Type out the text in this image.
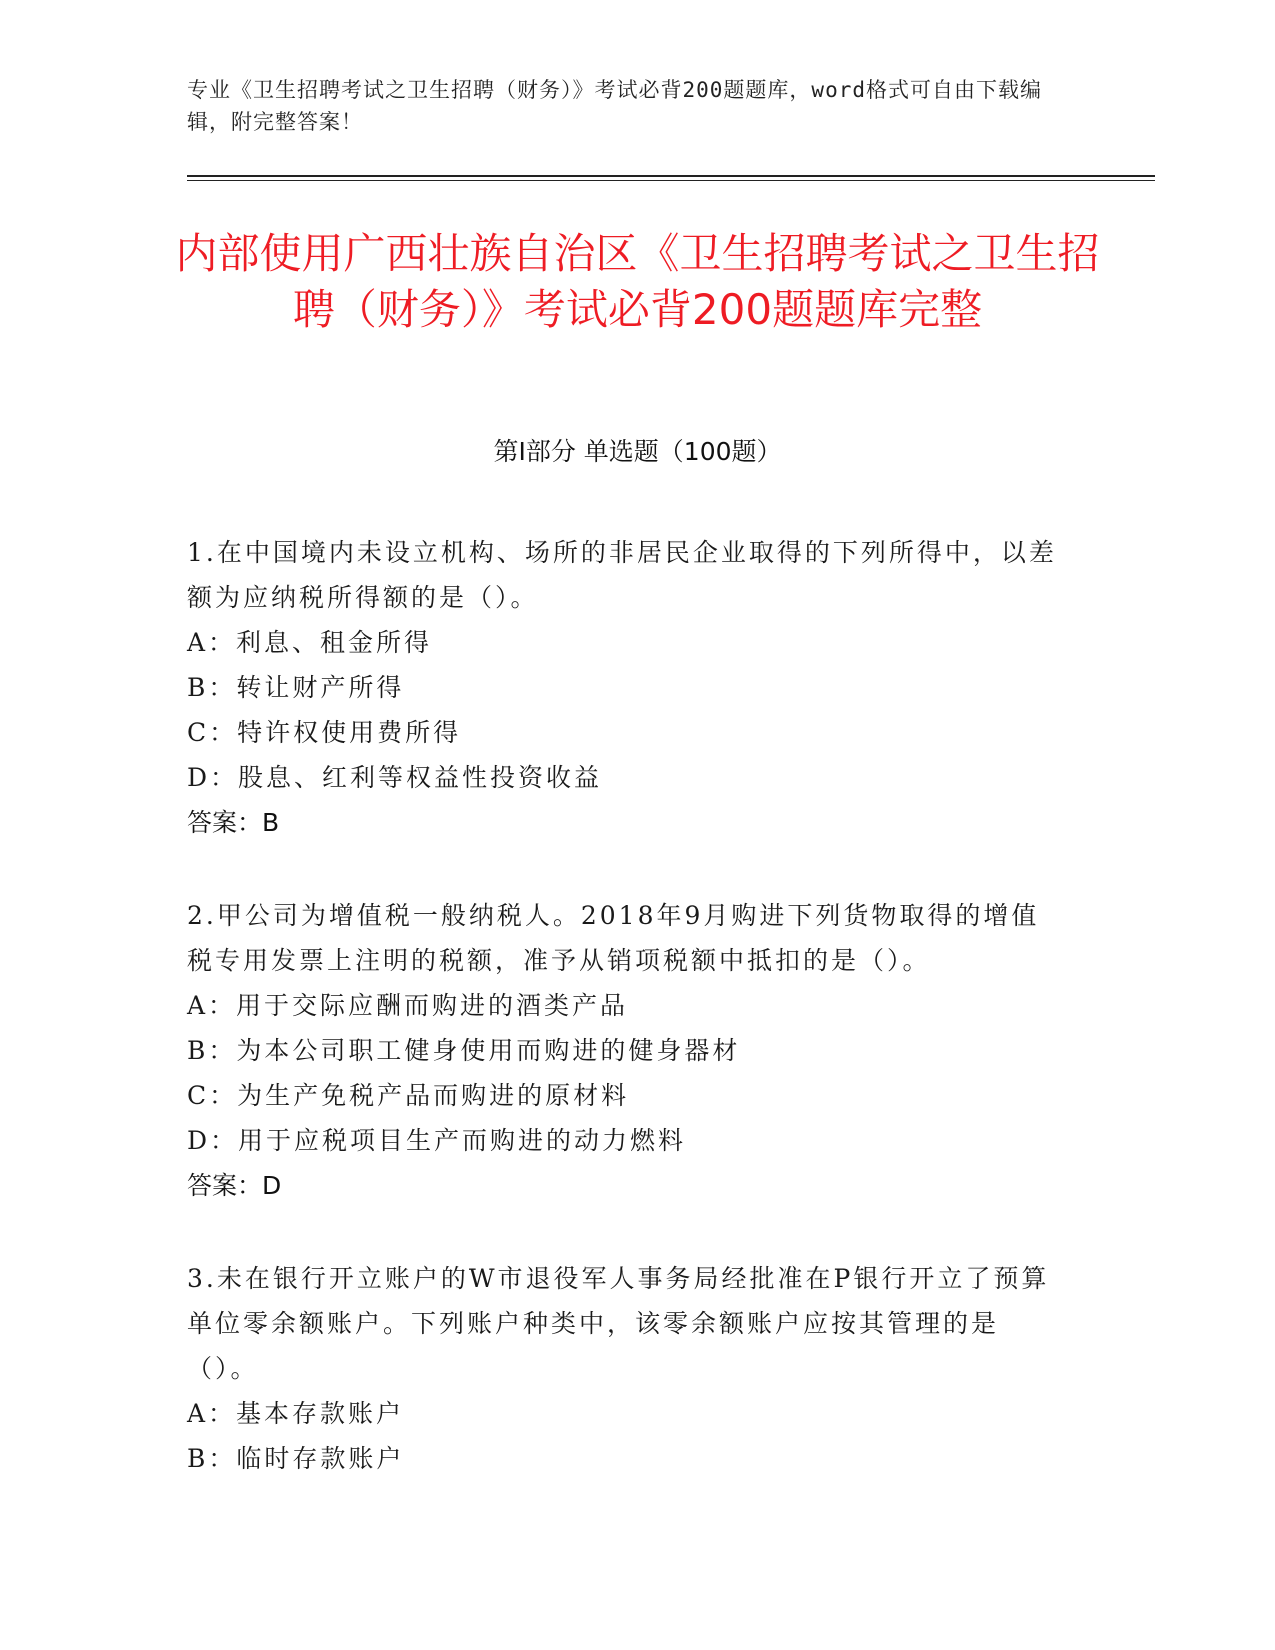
专业《卫生招聘考试之卫生招聘（财务）》考试必背200题题库，word格式可自由下载编辑，附完整答案！
内部使用广西壮族自治区《卫生招聘考试之卫生招聘（财务）》考试必背200题题库完整
第I部分 单选题（100题）
1.在中国境内未设立机构、场所的非居民企业取得的下列所得中，以差额为应纳税所得额的是（）。
A：利息、租金所得
B：转让财产所得
C：特许权使用费所得
D：股息、红利等权益性投资收益
答案：B
2.甲公司为增值税一般纳税人。2018年9月购进下列货物取得的增值税专用发票上注明的税额，准予从销项税额中抵扣的是（）。
A：用于交际应酬而购进的酒类产品
B：为本公司职工健身使用而购进的健身器材
C：为生产免税产品而购进的原材料
D：用于应税项目生产而购进的动力燃料
答案：D
3.未在银行开立账户的W市退役军人事务局经批准在P银行开立了预算单位零余额账户。下列账户种类中，该零余额账户应按其管理的是（）。
A：基本存款账户
B：临时存款账户
